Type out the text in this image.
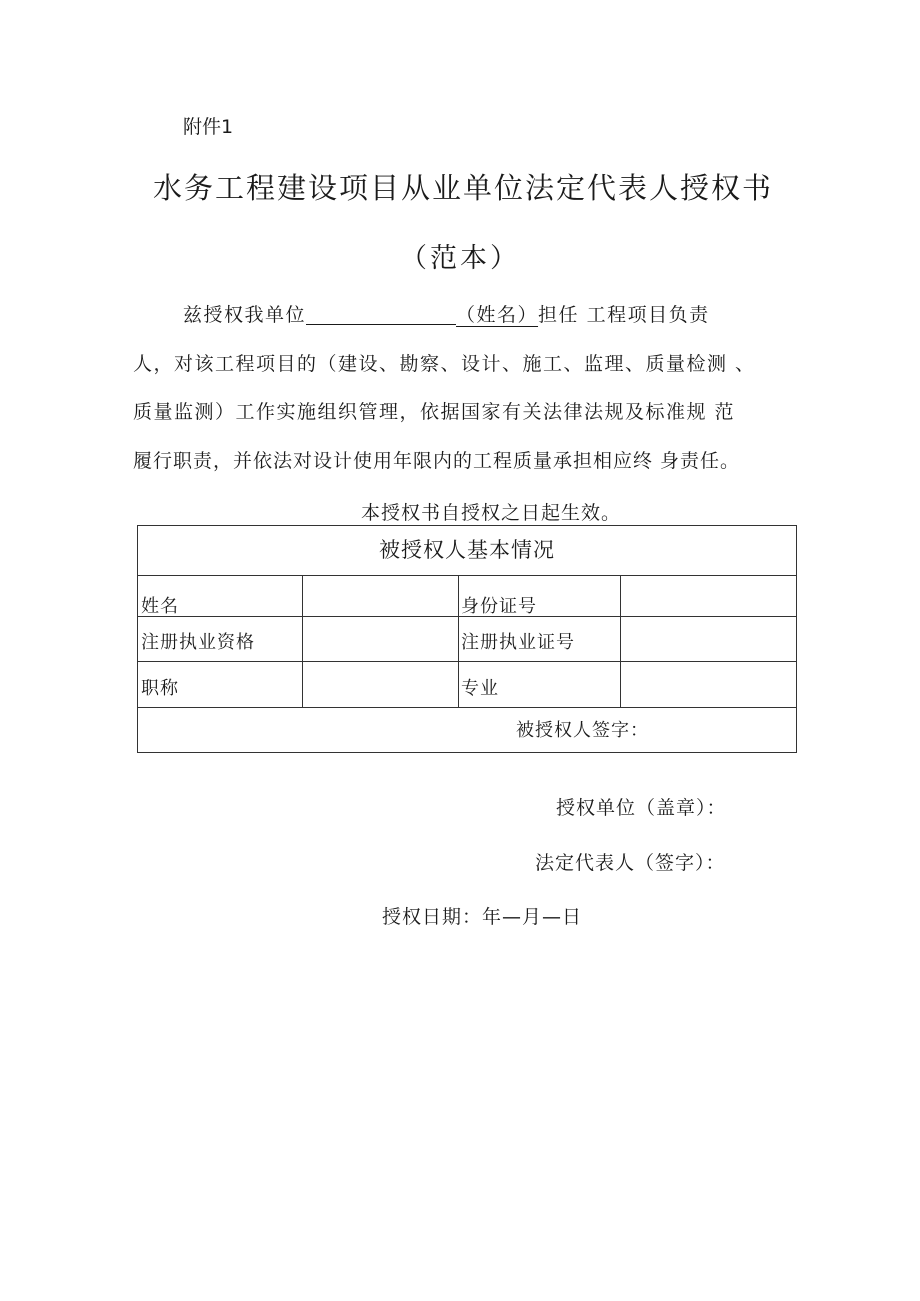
附件1
水务工程建设项目从业单位法定代表人授权书
（范本）
兹授权我单位	（姓名）担任 工程项目负责
人，对该工程项目的（建设、勘察、设计、施工、监理、质量检测 、
质量监测）工作实施组织管理，依据国家有关法律法规及标准规 范
履行职责，并依法对设计使用年限内的工程质量承担相应终 身责任。
本授权书自授权之日起生效。
被授权人基本情况
姓名	身份证号
注册执业资格	注册执业证号
职称	专业
被授权人签字：
授权单位（盖章）：
法定代表人（签字）：
授权日期：年—月—日
